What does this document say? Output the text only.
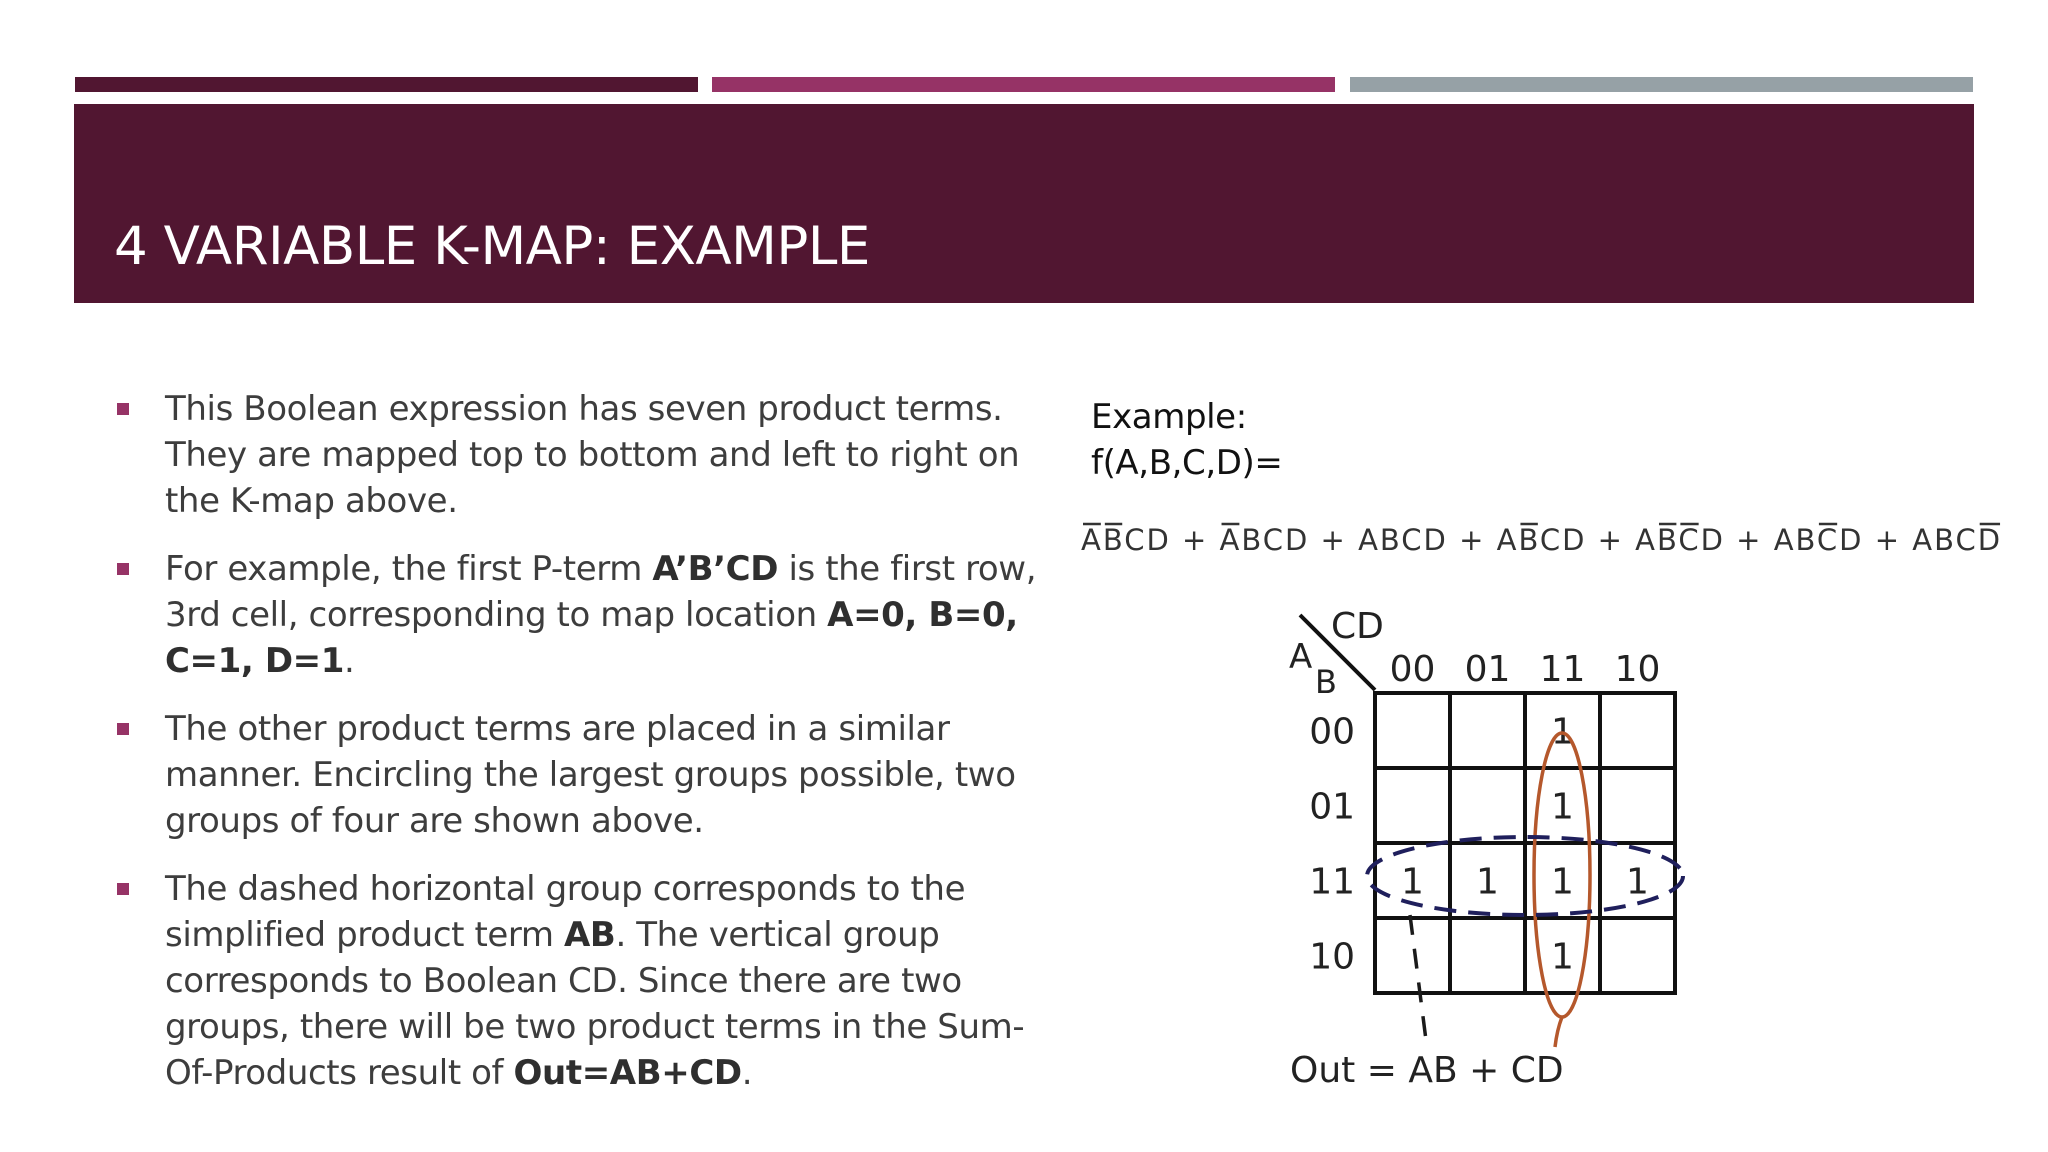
4 VARIABLE K-MAP: EXAMPLE
This Boolean expression has seven product terms. They are mapped top to bottom and left to right on the K-map above.
For example, the first P-term A’B’CD is the first row, 3rd cell, corresponding to map location A=0, B=0, C=1, D=1.
The other product terms are placed in a similar manner. Encircling the largest groups possible, two groups of four are shown above.
The dashed horizontal group corresponds to the simplified product term AB. The vertical group corresponds to Boolean CD. Since there are two groups, there will be two product terms in the Sum-Of-Products result of Out=AB+CD.
Example:
f(A,B,C,D)=
ABCD + ABCD + ABCD + ABCD + ABCD + ABCD + ABCD
CD
A
B 00 01 11 10
00
01
11
10
1
1
1 1 1 1
1
Out = AB + CD
